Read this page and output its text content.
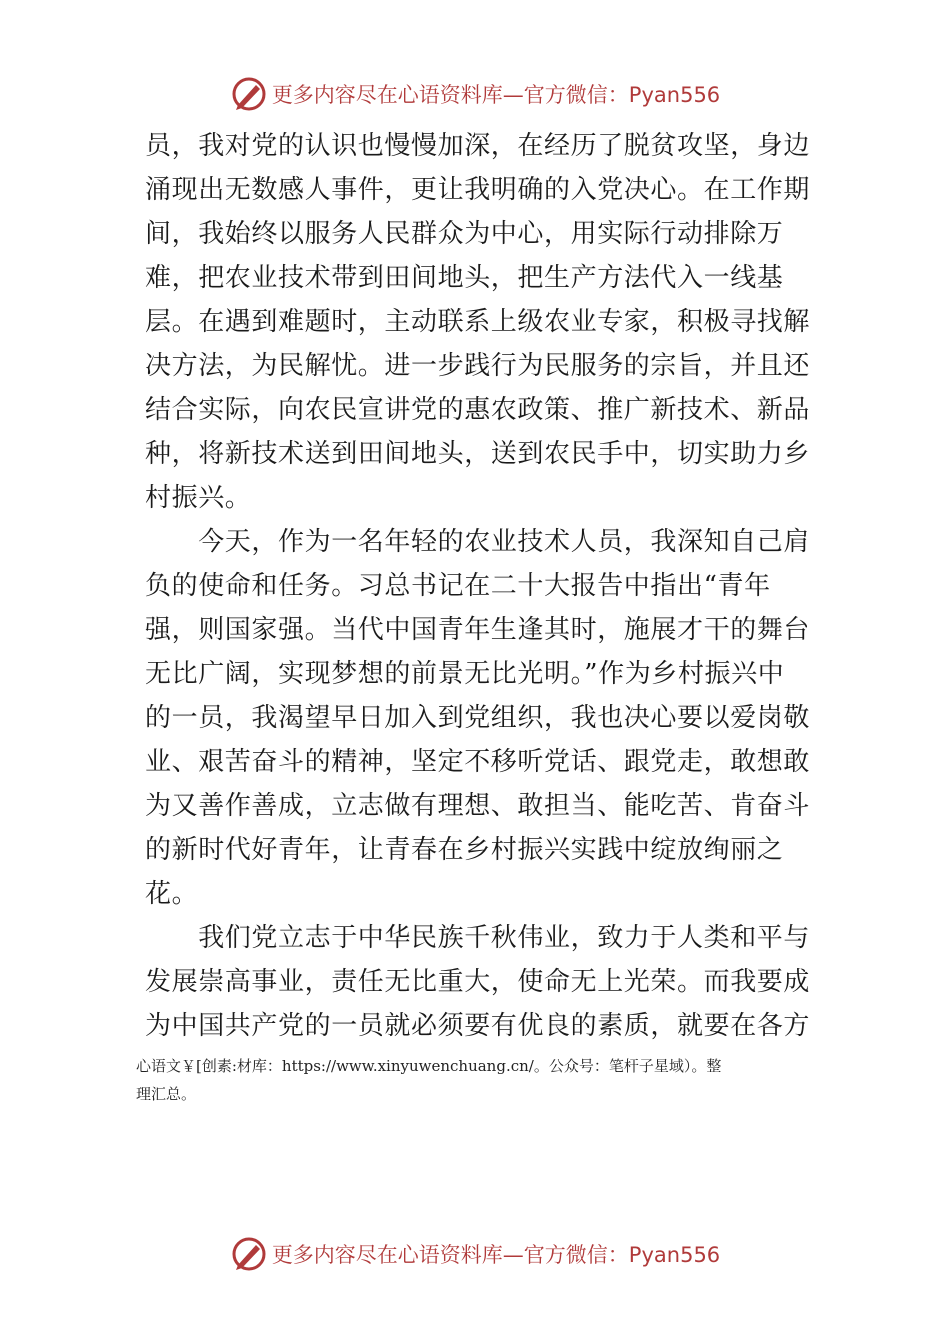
更多内容尽在心语资料库—官方微信：Pyan556
员，我对党的认识也慢慢加深，在经历了脱贫攻坚，身边
涌现出无数感人事件，更让我明确的入党决心。在工作期
间，我始终以服务人民群众为中心，用实际行动排除万
难，把农业技术带到田间地头，把生产方法代入一线基
层。在遇到难题时，主动联系上级农业专家，积极寻找解
决方法，为民解忧。进一步践行为民服务的宗旨，并且还
结合实际，向农民宣讲党的惠农政策、推广新技术、新品
种，将新技术送到田间地头，送到农民手中，切实助力乡
村振兴。
　　今天，作为一名年轻的农业技术人员，我深知自己肩
负的使命和任务。习总书记在二十大报告中指出“青年
强，则国家强。当代中国青年生逢其时，施展才干的舞台
无比广阔，实现梦想的前景无比光明。”作为乡村振兴中
的一员，我渴望早日加入到党组织，我也决心要以爱岗敬
业、艰苦奋斗的精神，坚定不移听党话、跟党走，敢想敢
为又善作善成，立志做有理想、敢担当、能吃苦、肯奋斗
的新时代好青年，让青春在乡村振兴实践中绽放绚丽之
花。
　　我们党立志于中华民族千秋伟业，致力于人类和平与
发展崇高事业，责任无比重大，使命无上光荣。而我要成
为中国共产党的一员就必须要有优良的素质，就要在各方
心语文￥[创素:材库：https://www.xinyuwenchuang.cn/。公众号：笔杆子星域）。整
理汇总。
更多内容尽在心语资料库—官方微信：Pyan556
